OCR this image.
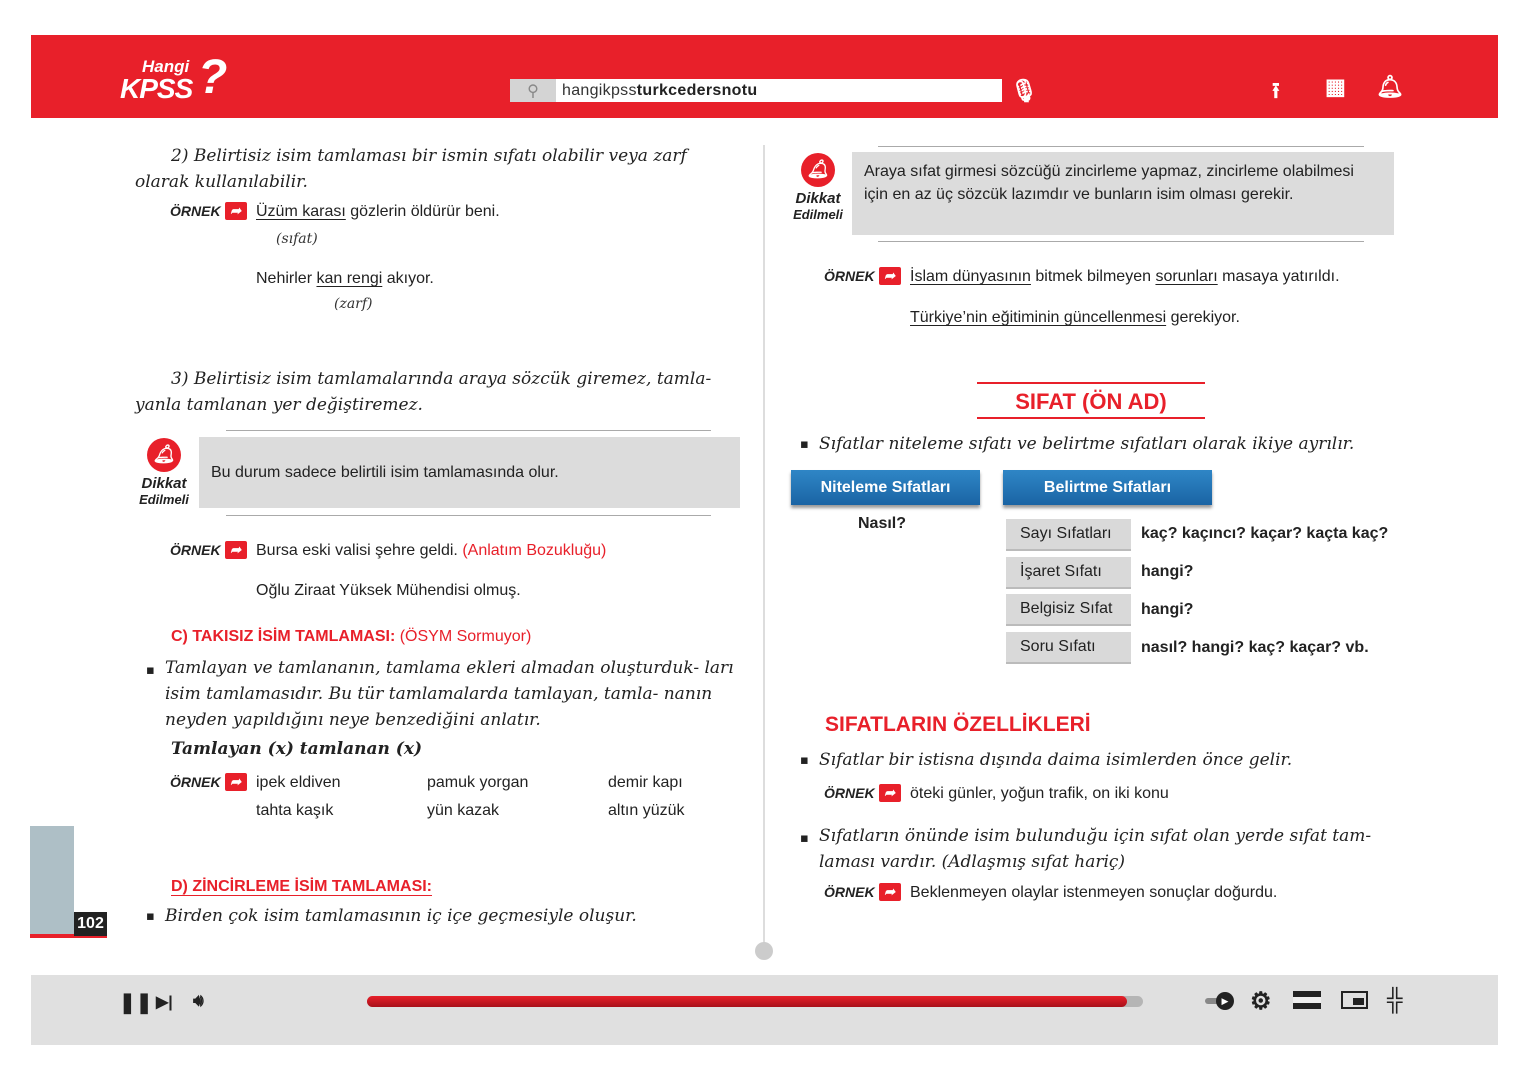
Hangi
KPSS ?	⚲	hangikpssturkcedersnotu	🎙︎	⭱ ▦ 🔔︎
2) Belirtisiz isim tamlaması bir ismin sıfatı olabilir veya zarf olarak kullanılabilir.
ÖRNEK ➦ Üzüm karası gözlerin öldürür beni.
(sıfat)
Nehirler kan rengi akıyor.
(zarf)
3) Belirtisiz isim tamlamalarında araya sözcük giremez, tamla- yanla tamlanan yer değiştiremez.
🔔︎
Dikkat
Edilmeli
Bu durum sadece belirtili isim tamlamasında olur.
ÖRNEK ➦ Bursa eski valisi şehre geldi. (Anlatım Bozukluğu)
Oğlu Ziraat Yüksek Mühendisi olmuş.
C) TAKISIZ İSİM TAMLAMASI: (ÖSYM Sormuyor)
▪ Tamlayan ve tamlananın, tamlama ekleri almadan oluşturduk- ları isim tamlamasıdır. Bu tür tamlamalarda tamlayan, tamla- nanın neyden yapıldığını neye benzediğini anlatır.
Tamlayan (x) tamlanan (x)
ÖRNEK ➦ ipek eldiven	pamuk yorgan	demir kapı
tahta kaşık	yün kazak	altın yüzük
D) ZİNCİRLEME İSİM TAMLAMASI:
▪ Birden çok isim tamlamasının iç içe geçmesiyle oluşur.
102
🔔︎
Dikkat
Edilmeli
Araya sıfat girmesi sözcüğü zincirleme yapmaz, zincirleme olabilmesi için en az üç sözcük lazımdır ve bunların isim olması gerekir.
ÖRNEK ➦ İslam dünyasının bitmek bilmeyen sorunları masaya yatırıldı.
Türkiye’nin eğitiminin güncellenmesi gerekiyor.
SIFAT (ÖN AD)
▪ Sıfatlar niteleme sıfatı ve belirtme sıfatları olarak ikiye ayrılır.
Niteleme Sıfatları	Belirtme Sıfatları
Nasıl?
Sayı Sıfatları	kaç? kaçıncı? kaçar? kaçta kaç?
İşaret Sıfatı	hangi?
Belgisiz Sıfat	hangi?
Soru Sıfatı	nasıl? hangi? kaç? kaçar? vb.
SIFATLARIN ÖZELLİKLERİ
▪ Sıfatlar bir istisna dışında daima isimlerden önce gelir.
ÖRNEK ➦ öteki günler, yoğun trafik, on iki konu
▪ Sıfatların önünde isim bulunduğu için sıfat olan yerde sıfat tam- laması vardır. (Adlaşmış sıfat hariç)
ÖRNEK ➦ Beklenmeyen olaylar istenmeyen sonuçlar doğurdu.
❚❚ ▶| 🔊︎	▶ ⚙	╬
